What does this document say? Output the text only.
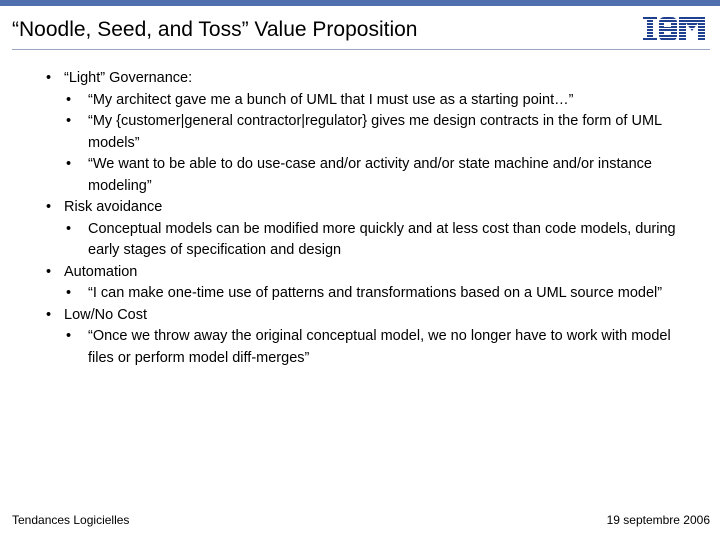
“Noodle, Seed, and Toss” Value Proposition
• “Light” Governance:
• “My architect gave me a bunch of UML that I must use as a starting point…”
• “My {customer|general contractor|regulator} gives me design contracts in the form of UML models”
• “We want to be able to do use-case and/or activity and/or state machine and/or instance modeling”
• Risk avoidance
• Conceptual models can be modified more quickly and at less cost than code models, during early stages of specification and design
• Automation
• “I can make one-time use of patterns and transformations based on a UML source model”
• Low/No Cost
• “Once we throw away the original conceptual model, we no longer have to work with model files or perform model diff-merges”
Tendances Logicielles	19 septembre 2006
